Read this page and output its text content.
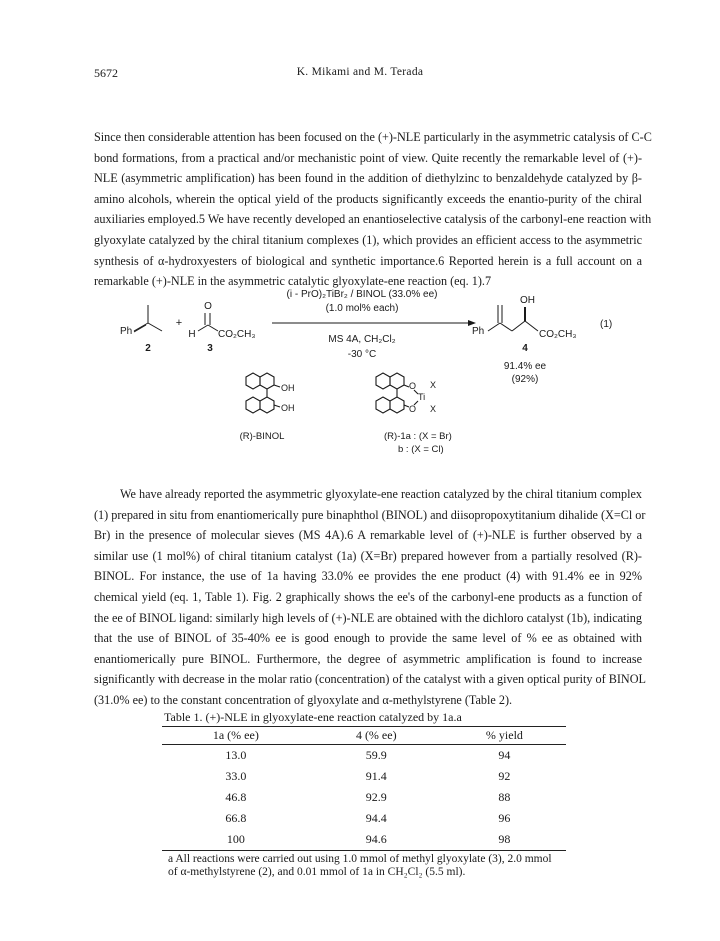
5672	K. Mikami and M. Terada
Since then considerable attention has been focused on the (+)-NLE particularly in the asymmetric catalysis of C-C
bond formations, from a practical and/or mechanistic point of view. Quite recently the remarkable level of (+)-
NLE (asymmetric amplification) has been found in the addition of diethylzinc to benzaldehyde catalyzed by β-
amino alcohols, wherein the optical yield of the products significantly exceeds the enantio-purity of the chiral
auxiliaries employed.5 We have recently developed an enantioselective catalysis of the carbonyl-ene reaction with
glyoxylate catalyzed by the chiral titanium complexes (1), which provides an efficient access to the asymmetric
synthesis of α-hydroxyesters of biological and synthetic importance.6 Reported herein is a full account on a
remarkable (+)-NLE in the asymmetric catalytic glyoxylate-ene reaction (eq. 1).7
(i - PrO)₂TiBr₂ / BINOL (33.0% ee)
(1.0 mol% each)
MS 4A, CH₂Cl₂
-30 °C
Ph
2
+
O
H CO₂CH₃
3
OH
Ph	CO₂CH₃
4
91.4% ee
(92%)
(1)
OH
OH
(R)-BINOL
O X
Ti
O X
(R)-1a : (X = Br)
b : (X = Cl)
We have already reported the asymmetric glyoxylate-ene reaction catalyzed by the chiral titanium complex
(1) prepared in situ from enantiomerically pure binaphthol (BINOL) and diisopropoxytitanium dihalide (X=Cl or
Br) in the presence of molecular sieves (MS 4A).6 A remarkable level of (+)-NLE is further observed by a
similar use (1 mol%) of chiral titanium catalyst (1a) (X=Br) prepared however from a partially resolved (R)-
BINOL. For instance, the use of 1a having 33.0% ee provides the ene product (4) with 91.4% ee in 92%
chemical yield (eq. 1, Table 1). Fig. 2 graphically shows the ee's of the carbonyl-ene products as a function of
the ee of BINOL ligand: similarly high levels of (+)-NLE are obtained with the dichloro catalyst (1b), indicating
that the use of BINOL of 35-40% ee is good enough to provide the same level of % ee as obtained with
enantiomerically pure BINOL. Furthermore, the degree of asymmetric amplification is found to increase
significantly with decrease in the molar ratio (concentration) of the catalyst with a given optical purity of BINOL
(31.0% ee) to the constant concentration of glyoxylate and α-methylstyrene (Table 2).
Table 1. (+)-NLE in glyoxylate-ene reaction catalyzed by 1a.a
1a (% ee)	4 (% ee)	% yield
13.0	59.9	94
33.0	91.4	92
46.8	92.9	88
66.8	94.4	96
100	94.6	98
a All reactions were carried out using 1.0 mmol of methyl glyoxylate (3), 2.0 mmol
of α-methylstyrene (2), and 0.01 mmol of 1a in CH₂Cl₂ (5.5 ml).
